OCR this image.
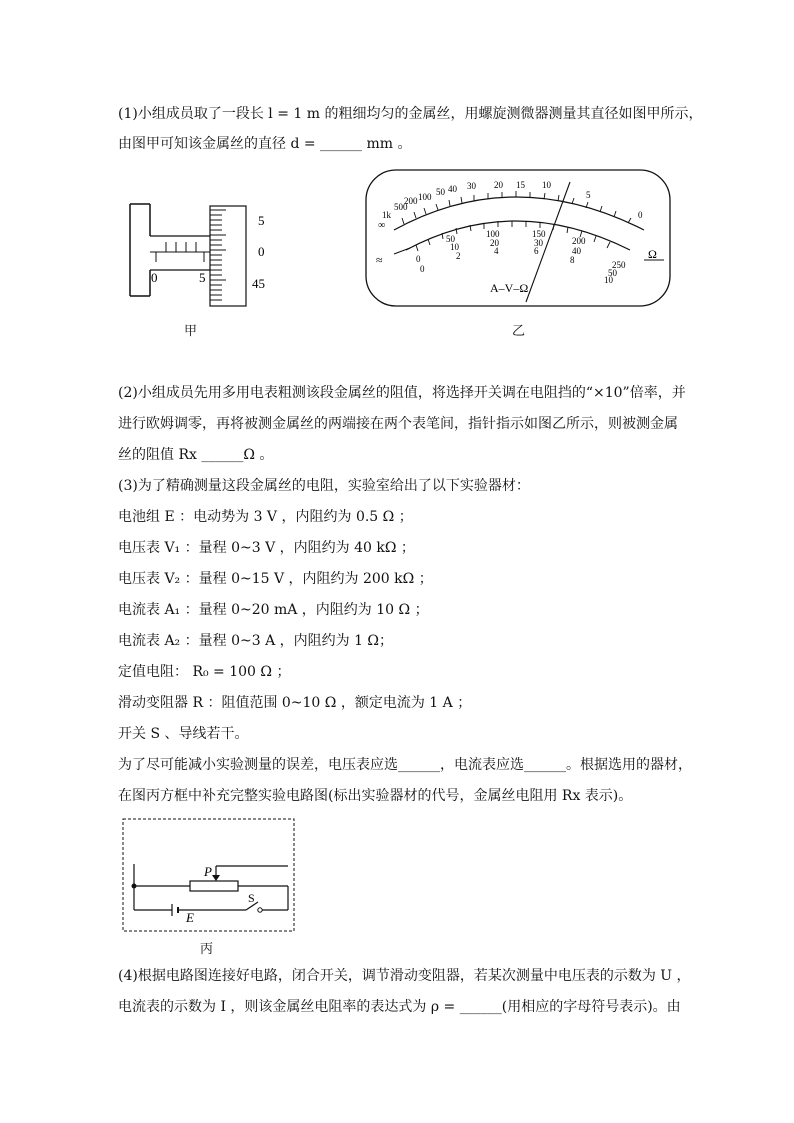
(1)小组成员取了一段长 l = 1 m 的粗细均匀的金属丝，用螺旋测微器测量其直径如图甲所示，
由图甲可知该金属丝的直径 d = ______ mm 。
5
0
45
0	5
甲
∞
1k
500
200 100 50 40 30 20 15 10
5
0
Ω
≈
50	100	150
200
250
0
10	20	30
40
50
0
2	4	6
8
10
A–V–Ω
乙
(2)小组成员先用多用电表粗测该段金属丝的阻值，将选择开关调在电阻挡的“×10”倍率，并
进行欧姆调零，再将被测金属丝的两端接在两个表笔间，指针指示如图乙所示，则被测金属
丝的阻值 Rx ______Ω 。
(3)为了精确测量这段金属丝的电阻，实验室给出了以下实验器材：
电池组 E ：电动势为 3 V ，内阻约为 0.5 Ω ；
电压表 V₁ ：量程 0~3 V ，内阻约为 40 kΩ ；
电压表 V₂ ：量程 0~15 V ，内阻约为 200 kΩ ；
电流表 A₁ ：量程 0~20 mA ，内阻约为 10 Ω ；
电流表 A₂ ：量程 0~3 A ，内阻约为 1 Ω；
定值电阻： R₀ = 100 Ω ；
滑动变阻器 R ：阻值范围 0~10 Ω ，额定电流为 1 A ；
开关 S 、导线若干。
为了尽可能减小实验测量的误差，电压表应选______，电流表应选______。根据选用的器材，
在图丙方框中补充完整实验电路图(标出实验器材的代号，金属丝电阻用 Rx 表示)。
P
E
S
丙
(4)根据电路图连接好电路，闭合开关，调节滑动变阻器，若某次测量中电压表的示数为 U ，
电流表的示数为 I ，则该金属丝电阻率的表达式为 ρ = ______(用相应的字母符号表示)。由
